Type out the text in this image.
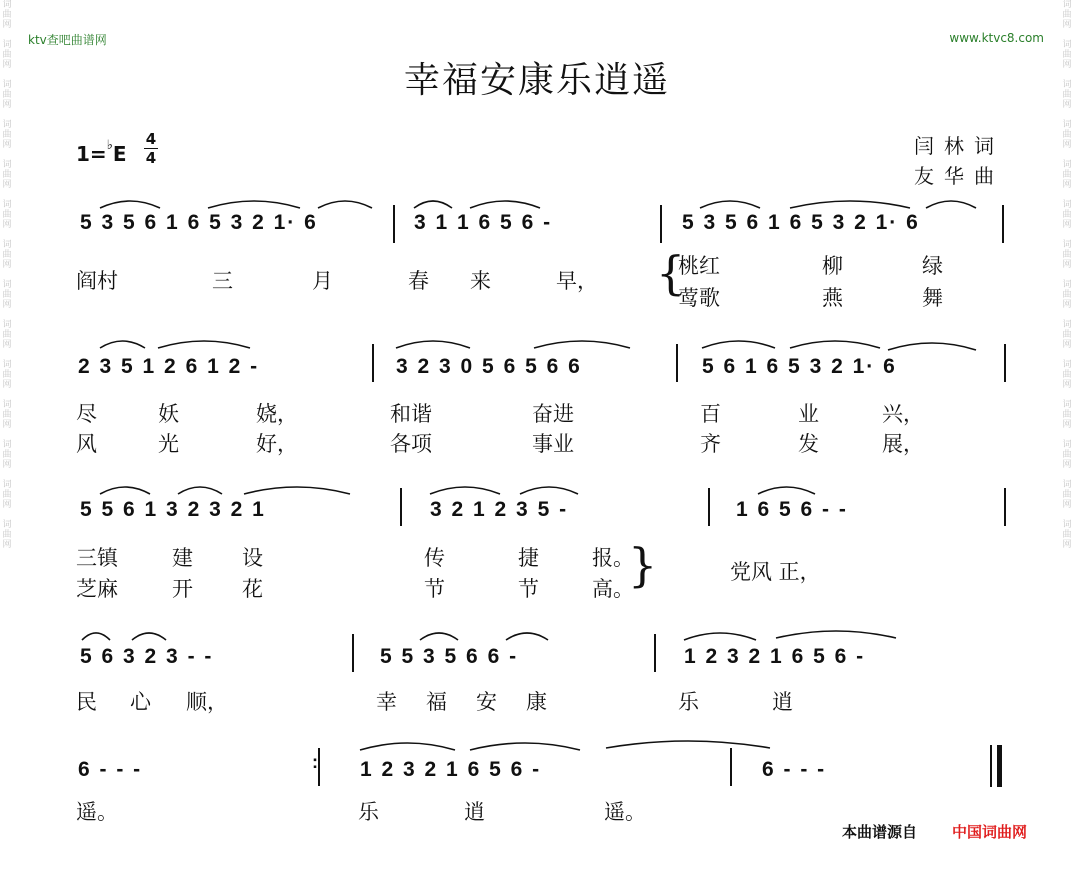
词
曲
网
词
曲
网
词
曲
网
词
曲
网
词
曲
网
词
曲
网
词
曲
网
词
曲
网
词
曲
网
词
曲
网
词
曲
网
词
曲
网
词
曲
网
词
曲
网
词
曲
网
词
曲
网
词
曲
网
词
曲
网
词
曲
网
词
曲
网
词
曲
网
词
曲
网
词
曲
网
词
曲
网
词
曲
网
词
曲
网
词
曲
网
词
曲
网
ktv查吧曲谱网	www.ktvc8.com
幸福安康乐逍遥
1=♭E
4
4	闫林词
友华曲
5 3 5 6 1 6 5 3 2 1· 6	3 1 1 6 5 6 -	5 3 5 6 1 6 5 3 2 1· 6
阎村	三	月	春 来	早， {
桃红	柳	绿
莺歌	燕	舞
2 3 5 1 2 6 1 2 -	3 2 3 0 5 6 5 6 6	5 6 1 6 5 3 2 1· 6
尽	妖	娆，	和谐	奋进	百	业	兴，
风	光	好，	各项	事业	齐	发	展，
5 5 6 1 3 2 3 2 1	3 2 1 2 3 5 -	1 6 5 6 - -
三镇	建 设	传	捷	报。
芝麻	开 花	节	节	高。
}	党风 正，
5 6 3 2 3 - -	5 5 3 5 6 6 -	1 2 3 2 1 6 5 6 -
民 心 顺，	幸 福 安 康	乐	逍
6 - - -	: 1 2 3 2 1 6 5 6 -	6 - - -
遥。	乐	逍	遥。
本曲谱源自 中国词曲网
